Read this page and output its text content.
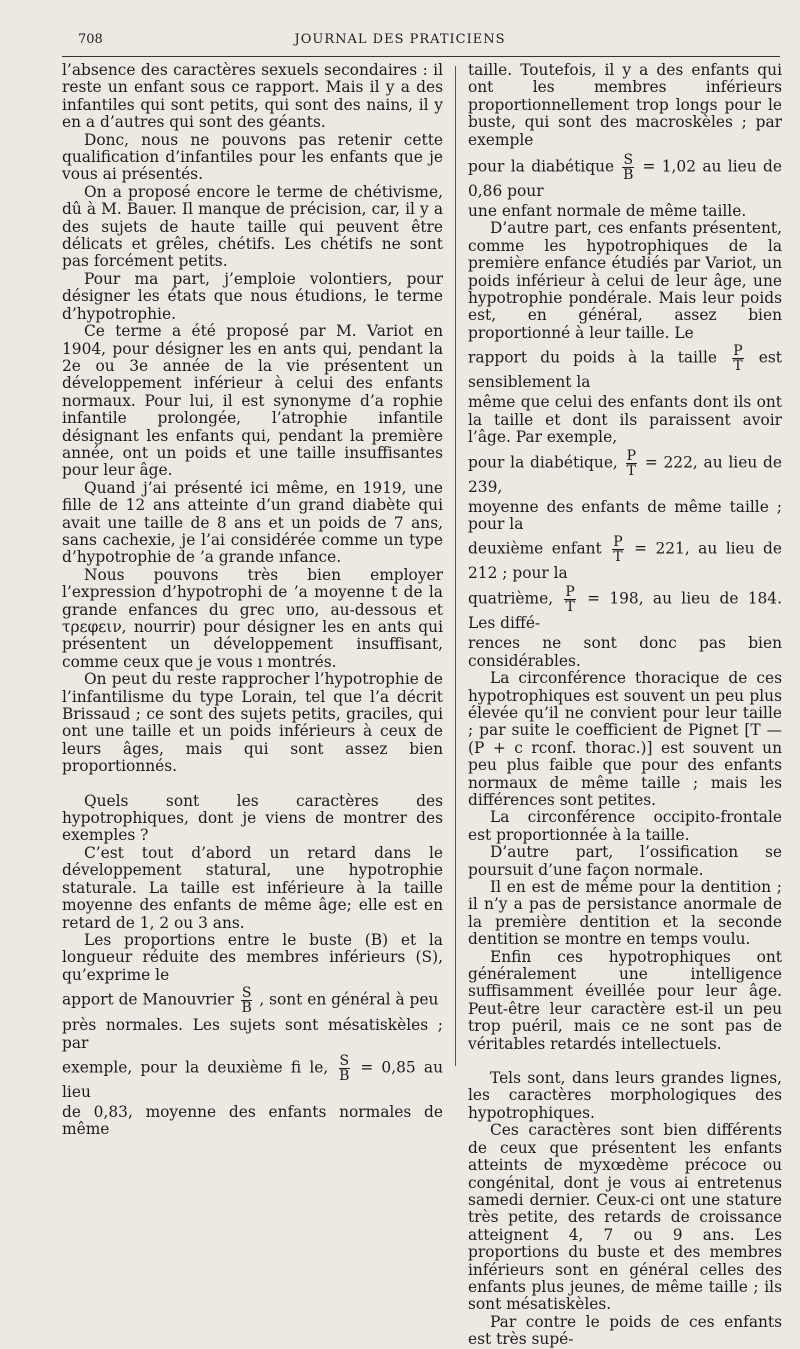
708	JOURNAL DES PRATICIENS

l’absence des caractères sexuels secondaires : il reste un enfant sous ce rapport. Mais il y a des infantiles qui sont petits, qui sont des nains, il y en a d’autres qui sont des géants.

Donc, nous ne pouvons pas retenir cette qualification d’infantiles pour les enfants que je vous ai présentés.

On a proposé encore le terme de chétivisme, dû à M. Bauer. Il manque de précision, car, il y a des sujets de haute taille qui peuvent être délicats et grêles, chétifs. Les chétifs ne sont pas forcément petits.

Pour ma part, j’emploie volontiers, pour désigner les états que nous étudions, le terme d’hypotrophie.

Ce terme a été proposé par M. Variot en 1904, pour désigner les en ants qui, pendant la 2e ou 3e année de la vie présentent un développement inférieur à celui des enfants normaux. Pour lui, il est synonyme d’a rophie infantile prolongée, l’atrophie infantile désignant les enfants qui, pendant la première année, ont un poids et une taille insuffisantes pour leur âge.

Quand j’ai présenté ici même, en 1919, une fille de 12 ans atteinte d’un grand diabète qui avait une taille de 8 ans et un poids de 7 ans, sans cachexie, je l’ai considérée comme un type d’hypotrophie de ’a grande ınfance.

Nous pouvons très bien employer l’expression d’hypotrophi de ’a moyenne t de la grande enfances du grec υπο, au-dessous et τρεφειν, nourrir) pour désigner les en ants qui présentent un développement insuffisant, comme ceux que je vous ı montrés.

On peut du reste rapprocher l’hypotrophie de l’infantilisme du type Lorain, tel que l’a décrit Brissaud ; ce sont des sujets petits, graciles, qui ont une taille et un poids inférieurs à ceux de leurs âges, mais qui sont assez bien proportionnés.

Quels sont les caractères des hypotrophiques, dont je viens de montrer des exemples ?

C’est tout d’abord un retard dans le développement statural, une hypotrophie staturale. La taille est inférieure à la taille moyenne des enfants de même âge; elle est en retard de 1, 2 ou 3 ans.

Les proportions entre le buste (B) et la longueur réduite des membres inférieurs (S), qu’exprime le

apport de Manouvrier $\frac{S}{B}$ , sont en général à peu

près normales. Les sujets sont mésatiskèles ; par

exemple, pour la deuxième fi le, $\frac{S}{B} = 0,85$ au lieu

de 0,83, moyenne des enfants normales de même

taille. Toutefois, il y a des enfants qui ont les membres inférieurs proportionnellement trop longs pour le buste, qui sont des macroskèles ; par exemple

pour la diabétique $\frac{S}{B} = 1,02$ au lieu de 0,86 pour

une enfant normale de même taille.

D’autre part, ces enfants présentent, comme les hypotrophiques de la première enfance étudiés par Variot, un poids inférieur à celui de leur âge, une hypotrophie pondérale. Mais leur poids est, en général, assez bien proportionné à leur taille. Le

rapport du poids à la taille $\frac{P}{T}$ est sensiblement la

même que celui des enfants dont ils ont la taille et dont ils paraissent avoir l’âge. Par exemple,

pour la diabétique, $\frac{P}{T} = 222$, au lieu de 239,

moyenne des enfants de même taille ; pour la

deuxième enfant $\frac{P}{T} = 221$, au lieu de 212 ; pour la

quatrième, $\frac{P}{T} = 198$, au lieu de 184. Les diffé-

rences ne sont donc pas bien considérables.

La circonférence thoracique de ces hypotrophiques est souvent un peu plus élevée qu’il ne convient pour leur taille ; par suite le coefficient de Pignet [T — (P + c rconf. thorac.)] est souvent un peu plus faible que pour des enfants normaux de même taille ; mais les différences sont petites.

La circonférence occipito-frontale est proportionnée à la taille.

D’autre part, l’ossification se poursuit d’une façon normale.

Il en est de même pour la dentition ; il n’y a pas de persistance anormale de la première dentition et la seconde dentition se montre en temps voulu.

Enfin ces hypotrophiques ont généralement une intelligence suffisamment éveillée pour leur âge. Peut-être leur caractère est-il un peu trop puéril, mais ce ne sont pas de véritables retardés intellectuels.

Tels sont, dans leurs grandes lignes, les caractères morphologiques des hypotrophiques.

Ces caractères sont bien différents de ceux que présentent les enfants atteints de myxœdème précoce ou congénital, dont je vous ai entretenus samedi dernier. Ceux-ci ont une stature très petite, des retards de croissance atteignent 4, 7 ou 9 ans. Les proportions du buste et des membres inférieurs sont en général celles des enfants plus jeunes, de même taille ; ils sont mésatiskèles.

Par contre le poids de ces enfants est très supé-
